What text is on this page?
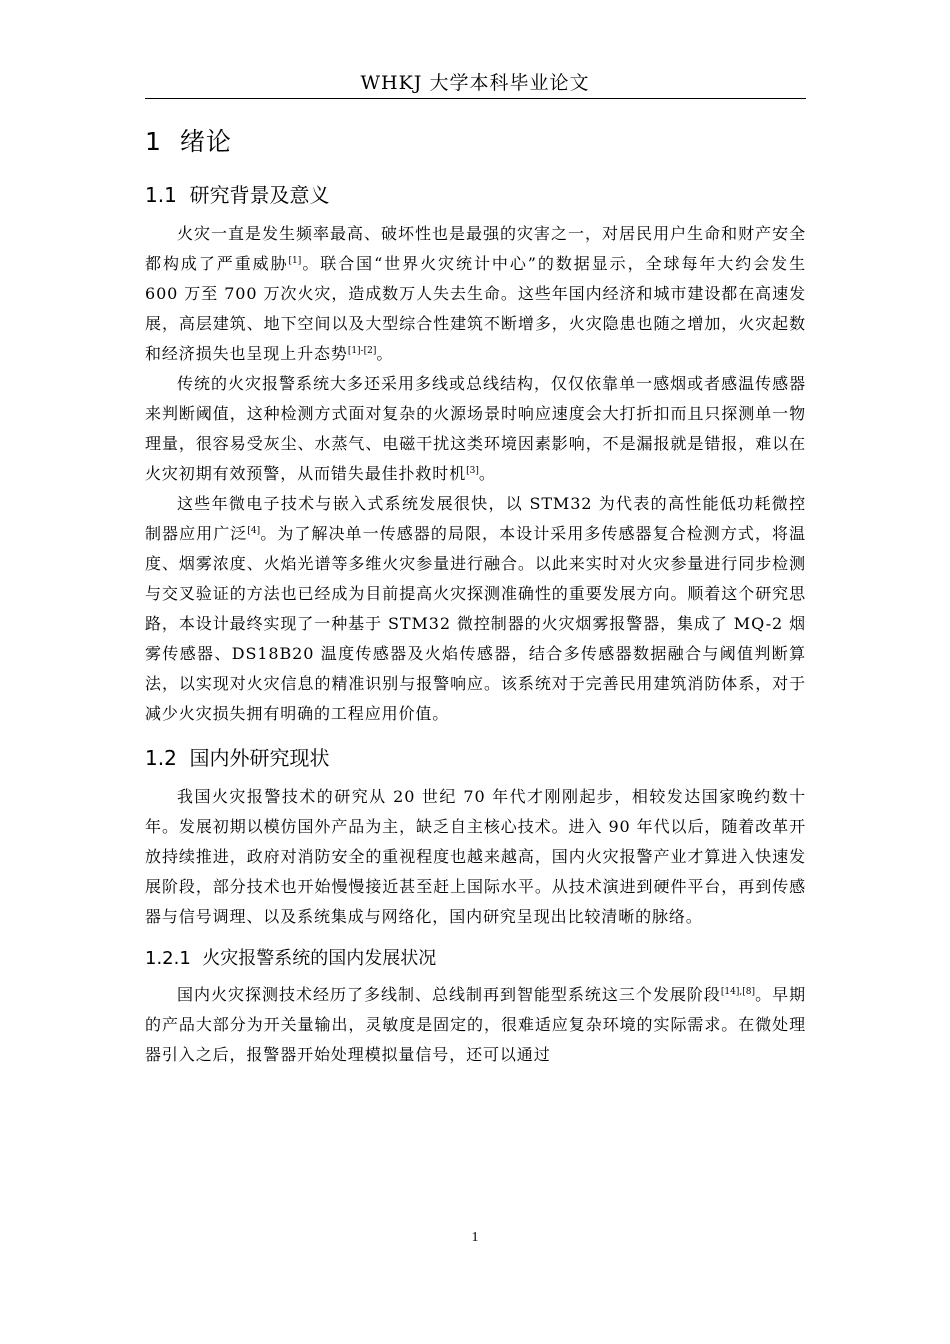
WHKJ 大学本科毕业论文
1 绪论
1.1 研究背景及意义

火灾一直是发生频率最高、破坏性也是最强的灾害之一，对居民用户生命和财产安全都构成了严重威胁[1]。联合国“世界火灾统计中心”的数据显示，全球每年大约会发生 600 万至 700 万次火灾，造成数万人失去生命。这些年国内经济和城市建设都在高速发展，高层建筑、地下空间以及大型综合性建筑不断增多，火灾隐患也随之增加，火灾起数和经济损失也呈现上升态势[1]-[2]。

传统的火灾报警系统大多还采用多线或总线结构，仅仅依靠单一感烟或者感温传感器来判断阈值，这种检测方式面对复杂的火源场景时响应速度会大打折扣而且只探测单一物理量，很容易受灰尘、水蒸气、电磁干扰这类环境因素影响，不是漏报就是错报，难以在火灾初期有效预警，从而错失最佳扑救时机[3]。

这些年微电子技术与嵌入式系统发展很快，以 STM32 为代表的高性能低功耗微控制器应用广泛[4]。为了解决单一传感器的局限，本设计采用多传感器复合检测方式，将温度、烟雾浓度、火焰光谱等多维火灾参量进行融合。以此来实时对火灾参量进行同步检测与交叉验证的方法也已经成为目前提高火灾探测准确性的重要发展方向。顺着这个研究思路，本设计最终实现了一种基于 STM32 微控制器的火灾烟雾报警器，集成了 MQ-2 烟雾传感器、DS18B20 温度传感器及火焰传感器，结合多传感器数据融合与阈值判断算法，以实现对火灾信息的精准识别与报警响应。该系统对于完善民用建筑消防体系，对于减少火灾损失拥有明确的工程应用价值。

1.2 国内外研究现状

我国火灾报警技术的研究从 20 世纪 70 年代才刚刚起步，相较发达国家晚约数十年。发展初期以模仿国外产品为主，缺乏自主核心技术。进入 90 年代以后，随着改革开放持续推进，政府对消防安全的重视程度也越来越高，国内火灾报警产业才算进入快速发展阶段，部分技术也开始慢慢接近甚至赶上国际水平。从技术演进到硬件平台，再到传感器与信号调理、以及系统集成与网络化，国内研究呈现出比较清晰的脉络。

1.2.1 火灾报警系统的国内发展状况

国内火灾探测技术经历了多线制、总线制再到智能型系统这三个发展阶段[14],[8]。早期的产品大部分为开关量输出，灵敏度是固定的，很难适应复杂环境的实际需求。在微处理器引入之后，报警器开始处理模拟量信号，还可以通过

1
